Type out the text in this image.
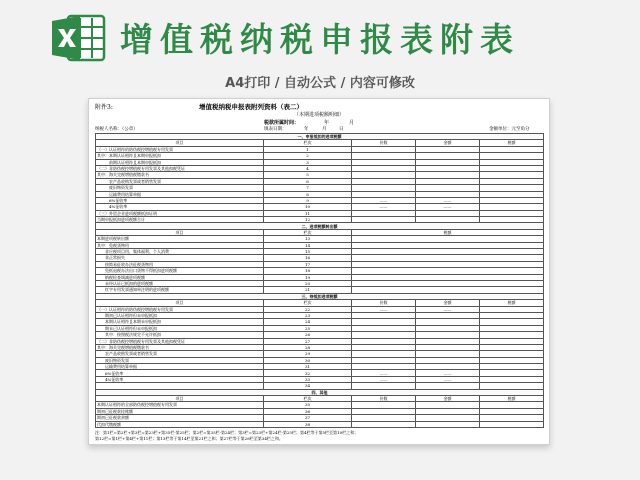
增值税纳税申报表附表
A4打印 / 自动公式 / 内容可修改
附件3:	增值税纳税申报表附列资料（表二）
（本期进项税额明细）
税款所属时间：	年	月
纳税人名称：（公章）	填表日期：	年	月	日	金额单位：元至角分
一、申报抵扣的进项税额				
项目	栏次	份数	金额	税额
（一）认证相符的防伪税控增值税专用发票	1			
其中：本期认证相符且本期申报抵扣	2			
　　　前期认证相符且本期申报抵扣	3			
（二）非防伪税控增值税专用发票及其他扣税凭证	4			
其中：海关完税增值税缴款书	5			
　　　农产品收购发票或者销售发票	6			
　　　废旧物资发票	7			
　　　运输费用结算单据	8			
　　　6%征收率	9	——	——	
　　　4%征收率	10	——	——	
（三）外贸企业进项税额抵扣证明	11			
当期申报抵扣进项税额合计	12			
二、进项税额转出额				
项目	栏次	税额		
本期进项税转出额	13			
其中：免税货物用	14			
　　非应税项目用、集体福利、个人消费	15			
　　非正常损失	16			
　　按简易征收办法征税货物用	17			
　　免抵退税办法出口货物不得抵扣进项税额	18			
　　纳税检查调减进项税额	19			
　　未经认证已抵扣的进项税额	20			
　　红字专用发票通知单注明的进项税额	21			
三、待抵扣进项税额				
项目	栏次	份数	金额	税额
（一）认证相符的防伪税控增值税专用发票	22	——	——	
　　期初已认证相符但未申报抵扣	23			
　　本期认证相符且本期未申报抵扣	24			
　　期末已认证相符但未申报抵扣	25			
　　其中：按照税法规定不允许抵扣	26			
（二）非防伪税控增值税专用发票及其他扣税凭证	27			
其中：海关完税增值税缴款书	28			
　　农产品收购发票或者销售发票	29			
　　废旧物资发票	30			
　　运输费用结算单据	31			
　　6%征收率	32	——	——	
　　4%征收率	33	——	——	
	34			
四、其他				
项目	栏次	份数	金额	税额
本期认证相符的全部防伪税控增值税专用发票	35			
期初已征税款挂账额	36			
期初已征税款余额	37			
代扣代缴税额	38			
注：第1栏=第2栏+第3栏=第23栏+第35栏-第25栏；第2栏=第35栏-第24栏；第3栏=第23栏+第24栏-第25栏；第4栏等于第5栏至第10栏之和；
第12栏=第1栏+第4栏+第11栏；第13栏等于第14栏至第21栏之和；第27栏等于第28栏至第34栏之和。
